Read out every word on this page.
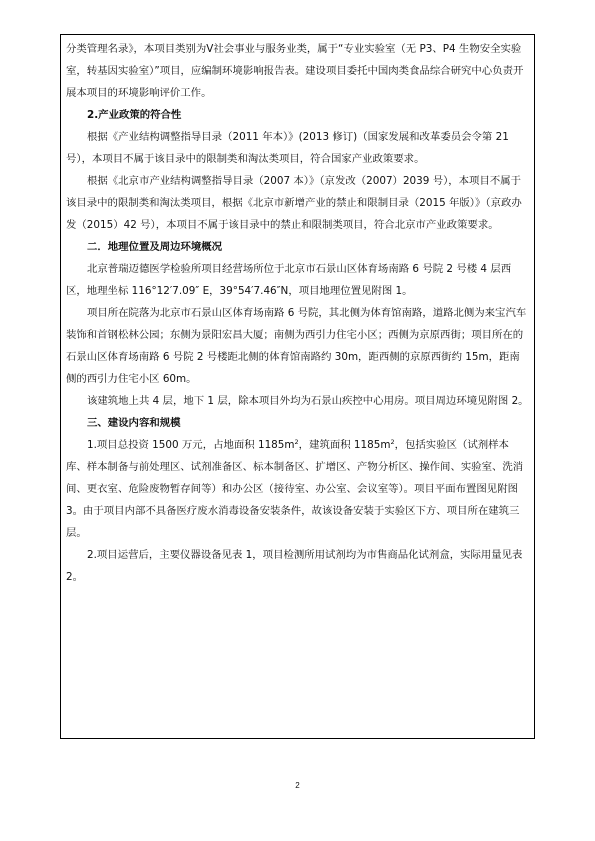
分类管理名录》，本项目类别为Ⅴ社会事业与服务业类，属于“专业实验室（无 P3、P4 生物安全实验室，转基因实验室）”项目，应编制环境影响报告表。建设项目委托中国肉类食品综合研究中心负责开展本项目的环境影响评价工作。

2.产业政策的符合性

根据《产业结构调整指导目录（2011 年本）》(2013 修订)（国家发展和改革委员会令第 21 号），本项目不属于该目录中的限制类和淘汰类项目，符合国家产业政策要求。

根据《北京市产业结构调整指导目录（2007 本）》（京发改（2007）2039 号），本项目不属于该目录中的限制类和淘汰类项目，根据《北京市新增产业的禁止和限制目录（2015 年版）》（京政办发（2015）42 号），本项目不属于该目录中的禁止和限制类项目，符合北京市产业政策要求。

二．地理位置及周边环境概况

北京普瑞迈德医学检验所项目经营场所位于北京市石景山区体育场南路 6 号院 2 号楼 4 层西区，地理坐标 116°12′7.09″ E，39°54′7.46″N，项目地理位置见附图 1。

项目所在院落为北京市石景山区体育场南路 6 号院，其北侧为体育馆南路，道路北侧为来宝汽车装饰和首钢松林公园；东侧为景阳宏昌大厦；南侧为西引力住宅小区；西侧为京原西街；项目所在的石景山区体育场南路 6 号院 2 号楼距北侧的体育馆南路约 30m，距西侧的京原西街约 15m，距南侧的西引力住宅小区 60m。

该建筑地上共 4 层，地下 1 层，除本项目外均为石景山疾控中心用房。项目周边环境见附图 2。

三、建设内容和规模

1.项目总投资 1500 万元，占地面积 $1185m^2$，建筑面积 $1185m^2$，包括实验区（试剂样本库、样本制备与前处理区、试剂准备区、标本制备区、扩增区、产物分析区、操作间、实验室、洗消间、更衣室、危险废物暂存间等）和办公区（接待室、办公室、会议室等）。项目平面布置图见附图 3。由于项目内部不具备医疗废水消毒设备安装条件，故该设备安装于实验区下方、项目所在建筑三层。

2.项目运营后，主要仪器设备见表 1，项目检测所用试剂均为市售商品化试剂盒，实际用量见表 2。

2
